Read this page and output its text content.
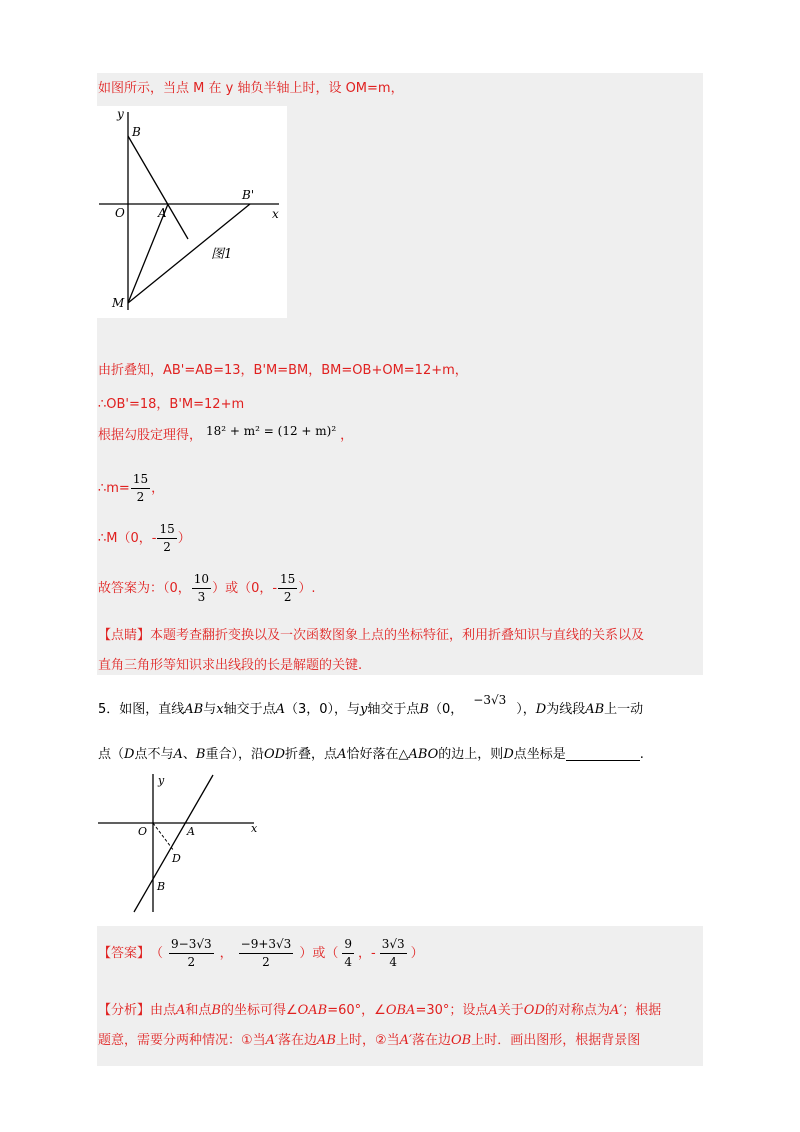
如图所示，当点 M 在 y 轴负半轴上时，设 OM=m，
y
x
B
B'
O	A
图1
M
由折叠知，AB'=AB=13，B'M=BM，BM=OB+OM=12+m，
∴OB'=18，B'M=12+m
根据勾股定理得， 18² + m² = (12 + m)² ，
∴m= $\frac{15}{2}$ ，
∴M（0，- $\frac{15}{2}$ ）
故答案为：（0， $\frac{10}{3}$ ）或（0，- $\frac{15}{2}$ ）.
【点睛】本题考查翻折变换以及一次函数图象上点的坐标特征，利用折叠知识与直线的关系以及
直角三角形等知识求出线段的长是解题的关键.
5．如图，直线 AB 与 x 轴交于点 A （3，0），与 y 轴交于点 B （0，
−3√3
）， D 为线段 AB 上一动
点（ D 点不与 A 、 B 重合），沿 OD 折叠，点 A 恰好落在△ ABO 的边上，则 D 点坐标是	.
y
x
O	A
D
B
【答案】 （ $\frac{9-3√3}{2}$ ， $\frac{-9+3√3}{2}$ ）或（ $\frac{9}{4}$ ，- $\frac{3√3}{4}$ ）
【分析】由点 A 和点 B 的坐标可得∠ OAB =60°，∠ OBA =30°；设点 A 关于 OD 的对称点为 A′ ；根据
题意，需要分两种情况：①当 A′ 落在边 AB 上时，②当 A′ 落在边 OB 上时．画出图形，根据背景图
